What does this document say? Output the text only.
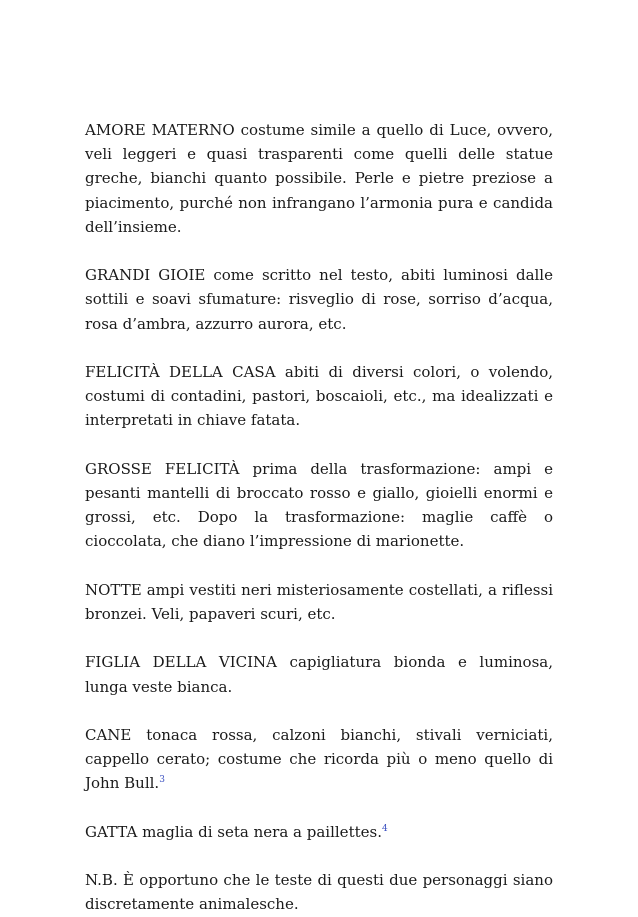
AMORE MATERNO costume simile a quello di Luce, ovvero, veli leggeri e quasi trasparenti come quelli delle statue greche, bianchi quanto possibile. Perle e pietre preziose a piacimento, purché non infrangano l’armonia pura e candida dell’insieme.

GRANDI GIOIE come scritto nel testo, abiti luminosi dalle sottili e soavi sfumature: risveglio di rose, sorriso d’acqua, rosa d’ambra, azzurro aurora, etc.

FELICITÀ DELLA CASA abiti di diversi colori, o volendo, costumi di contadini, pastori, boscaioli, etc., ma idealizzati e interpretati in chiave fatata.

GROSSE FELICITÀ prima della trasformazione: ampi e pesanti mantelli di broccato rosso e giallo, gioielli enormi e grossi, etc. Dopo la trasformazione: maglie caffè o cioccolata, che diano l’impressione di marionette.

NOTTE ampi vestiti neri misteriosamente costellati, a riflessi bronzei. Veli, papaveri scuri, etc.

FIGLIA DELLA VICINA capigliatura bionda e luminosa, lunga veste bianca.

CANE tonaca rossa, calzoni bianchi, stivali verniciati, cappello cerato; costume che ricorda più o meno quello di John Bull.$^3$

GATTA maglia di seta nera a paillettes.$^4$

N.B. È opportuno che le teste di questi due personaggi siano discretamente animalesche.
